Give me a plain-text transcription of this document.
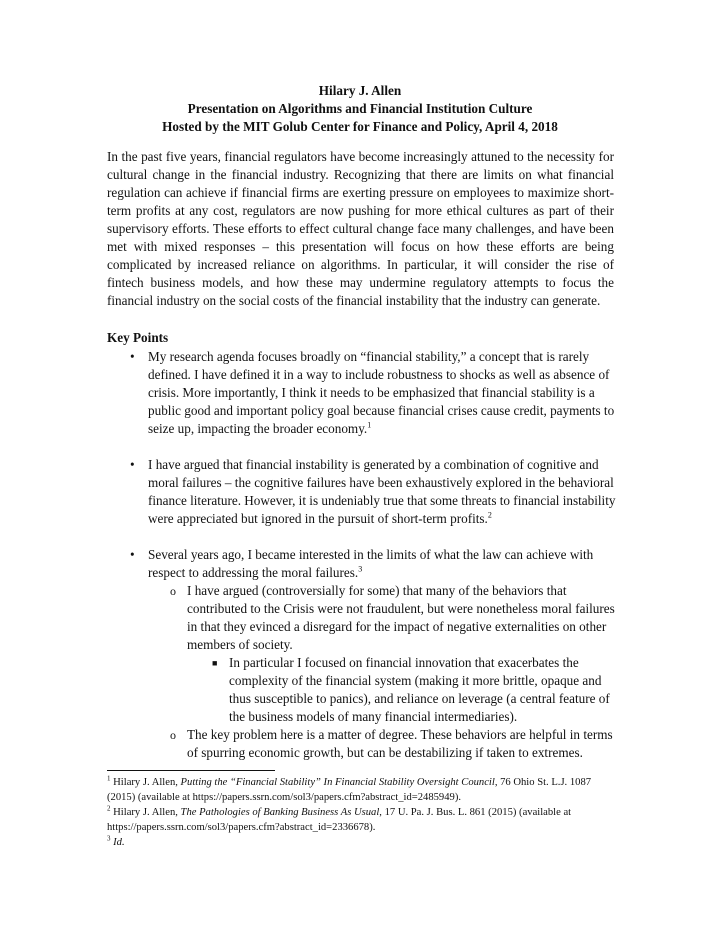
Hilary J. Allen
Presentation on Algorithms and Financial Institution Culture
Hosted by the MIT Golub Center for Finance and Policy, April 4, 2018
In the past five years, financial regulators have become increasingly attuned to the necessity for cultural change in the financial industry. Recognizing that there are limits on what financial regulation can achieve if financial firms are exerting pressure on employees to maximize short-term profits at any cost, regulators are now pushing for more ethical cultures as part of their supervisory efforts. These efforts to effect cultural change face many challenges, and have been met with mixed responses – this presentation will focus on how these efforts are being complicated by increased reliance on algorithms. In particular, it will consider the rise of fintech business models, and how these may undermine regulatory attempts to focus the financial industry on the social costs of the financial instability that the industry can generate.
Key Points
• My research agenda focuses broadly on “financial stability,” a concept that is rarely defined. I have defined it in a way to include robustness to shocks as well as absence of crisis. More importantly, I think it needs to be emphasized that financial stability is a public good and important policy goal because financial crises cause credit, payments to seize up, impacting the broader economy.$^1$
• I have argued that financial instability is generated by a combination of cognitive and moral failures – the cognitive failures have been exhaustively explored in the behavioral finance literature. However, it is undeniably true that some threats to financial instability were appreciated but ignored in the pursuit of short-term profits.$^2$
• Several years ago, I became interested in the limits of what the law can achieve with respect to addressing the moral failures.$^3$
o I have argued (controversially for some) that many of the behaviors that contributed to the Crisis were not fraudulent, but were nonetheless moral failures in that they evinced a disregard for the impact of negative externalities on other members of society.
■ In particular I focused on financial innovation that exacerbates the complexity of the financial system (making it more brittle, opaque and thus susceptible to panics), and reliance on leverage (a central feature of the business models of many financial intermediaries).
o The key problem here is a matter of degree. These behaviors are helpful in terms of spurring economic growth, but can be destabilizing if taken to extremes.
$^1$ Hilary J. Allen, Putting the “Financial Stability” In Financial Stability Oversight Council, 76 Ohio St. L.J. 1087 (2015) (available at https://papers.ssrn.com/sol3/papers.cfm?abstract_id=2485949).
$^2$ Hilary J. Allen, The Pathologies of Banking Business As Usual, 17 U. Pa. J. Bus. L. 861 (2015) (available at https://papers.ssrn.com/sol3/papers.cfm?abstract_id=2336678).
$^3$ Id.
